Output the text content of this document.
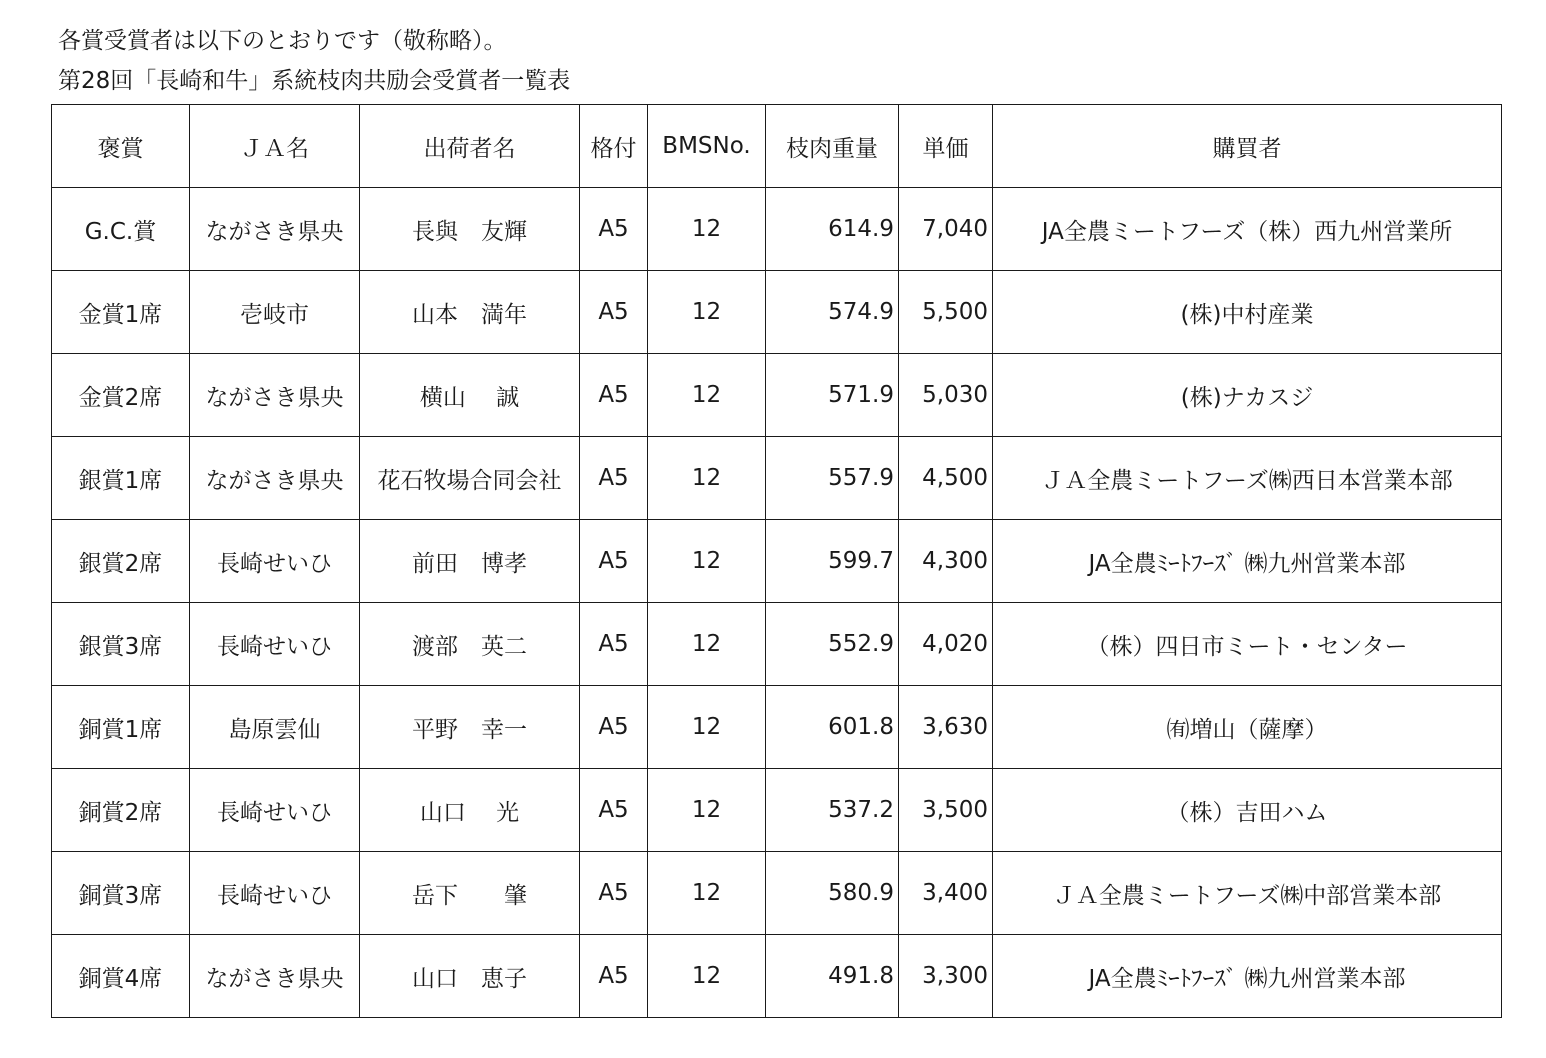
各賞受賞者は以下のとおりです（敬称略）。
第28回「長崎和牛」系統枝肉共励会受賞者一覧表
褒賞	ＪＡ名	出荷者名	格付	BMSNo.	枝肉重量	単価	購買者
G.C.賞	ながさき県央	長與　友輝	A5	12	614.9	7,040	JA全農ミートフーズ（株）西九州営業所
金賞1席	壱岐市	山本　満年	A5	12	574.9	5,500	(株)中村産業
金賞2席	ながさき県央	横山　 誠	A5	12	571.9	5,030	(株)ナカスジ
銀賞1席	ながさき県央	花石牧場合同会社	A5	12	557.9	4,500	ＪＡ全農ミートフーズ㈱西日本営業本部
銀賞2席	長崎せいひ	前田　博孝	A5	12	599.7	4,300	JA全農ﾐｰﾄﾌｰｽﾞ ㈱九州営業本部
銀賞3席	長崎せいひ	渡部　英二	A5	12	552.9	4,020	（株）四日市ミート・センター
銅賞1席	島原雲仙	平野　幸一	A5	12	601.8	3,630	㈲増山（薩摩）
銅賞2席	長崎せいひ	山口　 光	A5	12	537.2	3,500	（株）吉田ハム
銅賞3席	長崎せいひ	岳下　　肇	A5	12	580.9	3,400	ＪＡ全農ミートフーズ㈱中部営業本部
銅賞4席	ながさき県央	山口　恵子	A5	12	491.8	3,300	JA全農ﾐｰﾄﾌｰｽﾞ ㈱九州営業本部
